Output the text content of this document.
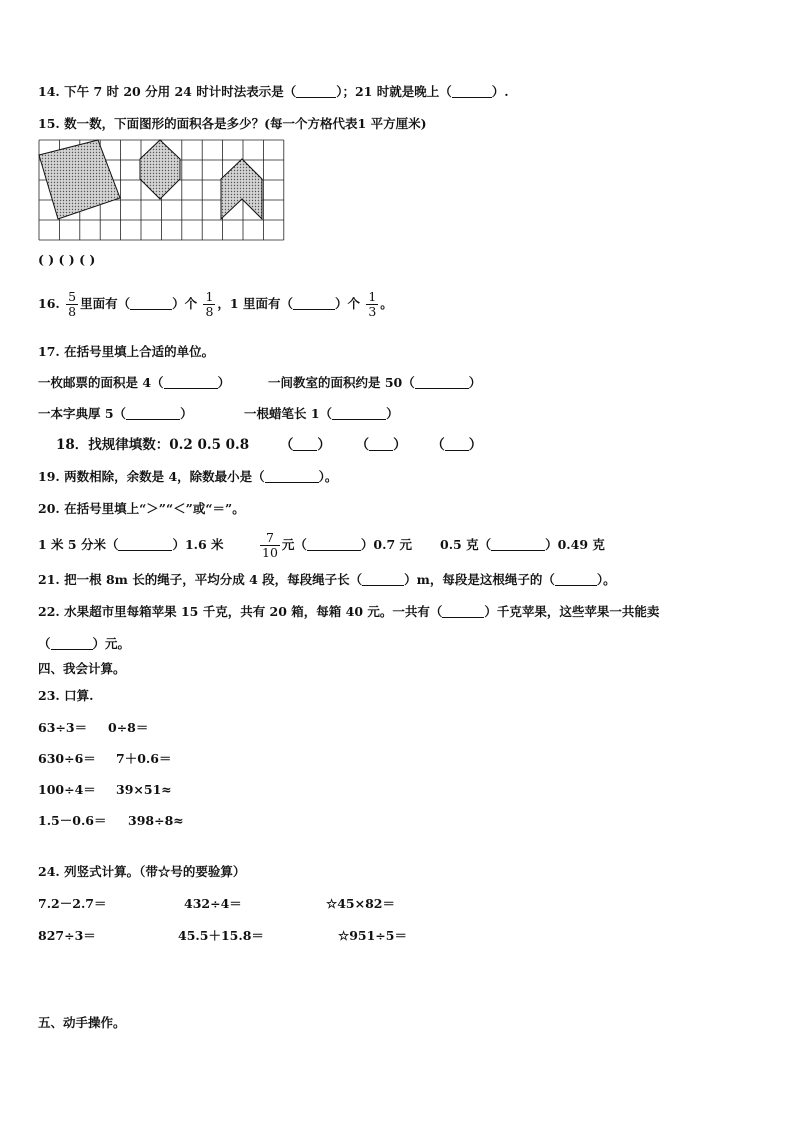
14. 下午 7 时 20 分用 24 时计时法表示是（	）；21 时就是晚上（	）.
15. 数一数，下面图形的面积各是多少？(每一个方格代表1 平方厘米)
( ) ( ) ( )
16. $\frac{5}{8}$ 里面有（	）个 $\frac{1}{8}$ ，1 里面有（	）个 $\frac{1}{3}$ 。
17. 在括号里填上合适的单位。
一枚邮票的面积是 4（	）	一间教室的面积约是 50（	）
一本字典厚 5（	）	一根蜡笔长 1（	）
18．找规律填数：0.2 0.5 0.8 （ ） （ ） （ ）
19. 两数相除，余数是 4，除数最小是（	）。
20. 在括号里填上“＞”“＜”或“＝”。
1 米 5 分米（	）1.6 米	$\frac{7}{10}$ 元（	）0.7 元 0.5 克（	）0.49 克
21. 把一根 8m 长的绳子，平均分成 4 段，每段绳子长（	）m，每段是这根绳子的（	）。
22. 水果超市里每箱苹果 15 千克，共有 20 箱，每箱 40 元。一共有（	）千克苹果，这些苹果一共能卖
（	）元。
四、我会计算。
23. 口算.
63÷3＝ 0÷8＝
630÷6＝ 7＋0.6＝
100÷4＝ 39×51≈
1.5－0.6＝ 398÷8≈
24. 列竖式计算。（带☆号的要验算）
7.2－2.7＝	432÷4＝	☆45×82＝
827÷3＝	45.5＋15.8＝	☆951÷5＝
五、动手操作。
